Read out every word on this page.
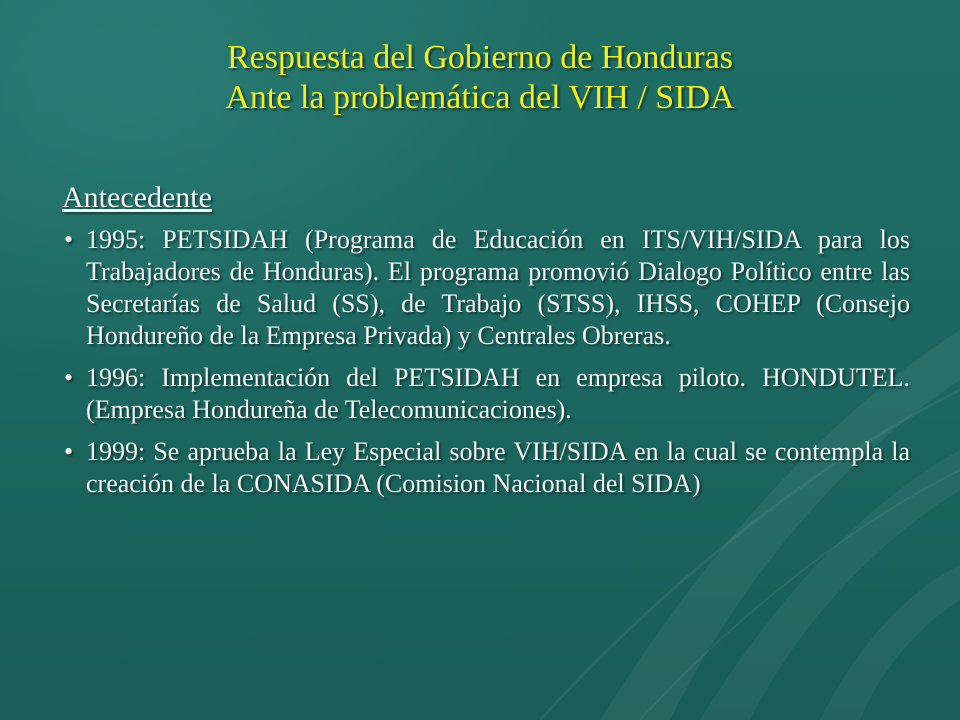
Respuesta del Gobierno de Honduras
Ante la problemática del VIH / SIDA
Antecedente
• 1995: PETSIDAH (Programa de Educación en ITS/VIH/SIDA para los Trabajadores de Honduras). El programa promovió Dialogo Político entre las Secretarías de Salud (SS), de Trabajo (STSS), IHSS, COHEP (Consejo Hondureño de la Empresa Privada) y Centrales Obreras.
• 1996: Implementación del PETSIDAH en empresa piloto. HONDUTEL. (Empresa Hondureña de Telecomunicaciones).
• 1999: Se aprueba la Ley Especial sobre VIH/SIDA en la cual se contempla la creación de la CONASIDA (Comision Nacional del SIDA)
